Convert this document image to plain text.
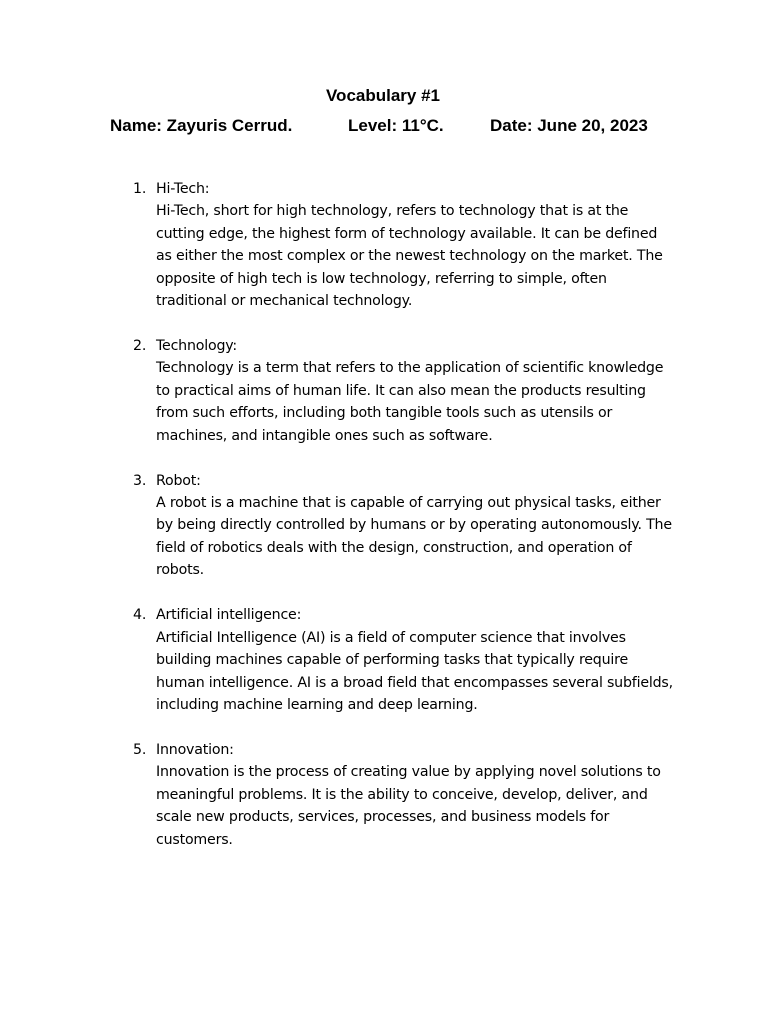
Vocabulary #1
Name: Zayuris Cerrud.	Level: 11°C.	Date: June 20, 2023
1. Hi-Tech:

Hi-Tech, short for high technology, refers to technology that is at the cutting edge, the highest form of technology available. It can be defined as either the most complex or the newest technology on the market. The opposite of high tech is low technology, referring to simple, often traditional or mechanical technology.

2. Technology:

Technology is a term that refers to the application of scientific knowledge to practical aims of human life. It can also mean the products resulting from such efforts, including both tangible tools such as utensils or machines, and intangible ones such as software.

3. Robot:

A robot is a machine that is capable of carrying out physical tasks, either by being directly controlled by humans or by operating autonomously. The field of robotics deals with the design, construction, and operation of robots.

4. Artificial intelligence:

Artificial Intelligence (AI) is a field of computer science that involves building machines capable of performing tasks that typically require human intelligence. AI is a broad field that encompasses several subfields, including machine learning and deep learning.

5. Innovation:

Innovation is the process of creating value by applying novel solutions to meaningful problems. It is the ability to conceive, develop, deliver, and scale new products, services, processes, and business models for customers.
